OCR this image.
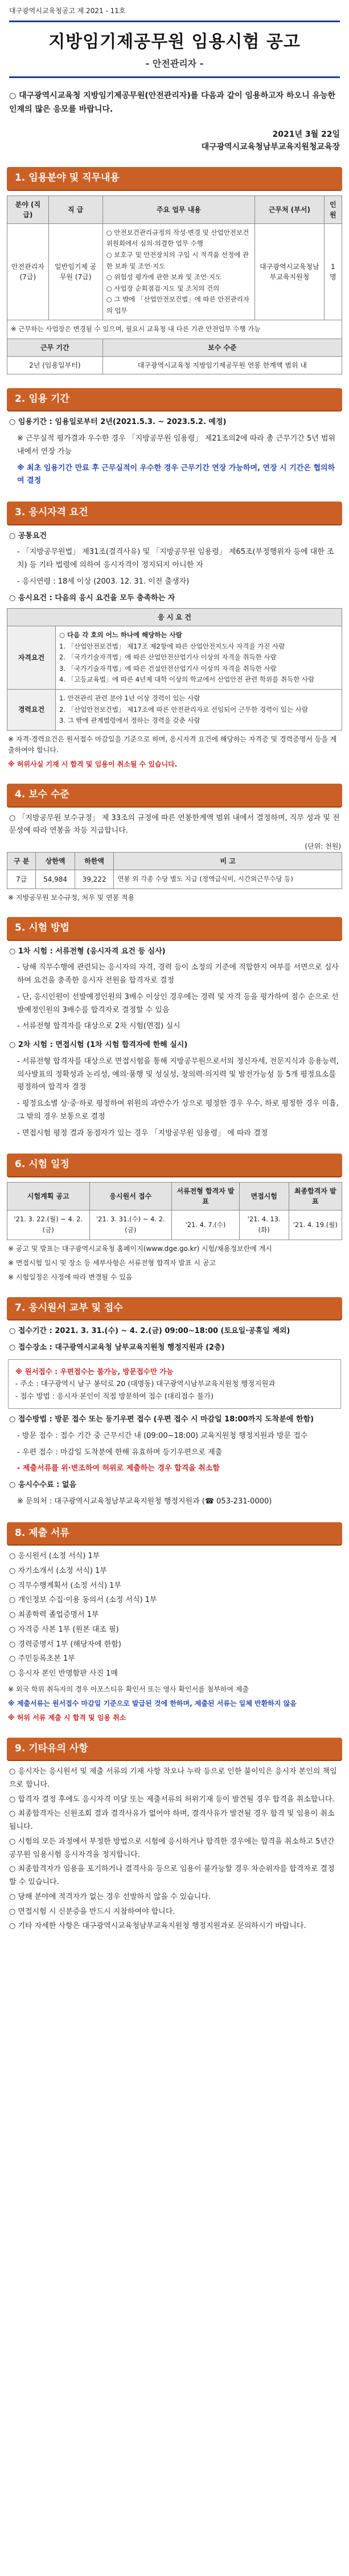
대구광역시교육청공고 제 2021 - 11호
지방임기제공무원 임용시험 공고
- 안전관리자 -
○ 대구광역시교육청 지방임기제공무원(안전관리자)를 다음과 같이 임용하고자 하오니 유능한 인재의 많은 응모를 바랍니다.
2021년 3월 22일
대구광역시교육청남부교육지원청교육장
1. 임용분야 및 직무내용
분야 (직급)	직 급	주요 업무 내용	근무처 (부서)	인원
안전관리자 (7급)	일반임기제 공무원 (7급)	○ 안전보건관리규정의 작성·변경 및 산업안전보건위원회에서 심의·의결한 업무 수행
○ 보호구 및 안전장치의 구입 시 적격품 선정에 관한 보좌 및 조언·지도
○ 위험성 평가에 관한 보좌 및 조언·지도
○ 사업장 순회점검·지도 및 조치의 건의
○ 그 밖에 「산업안전보건법」에 따른 안전관리자의 업무	대구광역시교육청남부교육지원청	1명
※ 근무하는 사업장은 변경될 수 있으며, 필요시 교육청 내 다른 기관 안전업무 수행 가능				
근무 기간		보수 수준		
2년 (임용일부터)		대구광역시교육청 지방임기제공무원 연봉 한계액 범위 내		
2. 임용 기간
○ 임용기간 : 임용일로부터 2년(2021.5.3. ~ 2023.5.2. 예정)
※ 근무실적 평가결과 우수한 경우 「지방공무원 임용령」 제21조의2에 따라 총 근무기간 5년 범위 내에서 연장 가능
※ 최초 임용기간 만료 후 근무실적이 우수한 경우 근무기간 연장 가능하며, 연장 시 기간은 협의하여 결정
3. 응시자격 요건
○ 공통요건
- 「지방공무원법」 제31조(결격사유) 및 「지방공무원 임용령」 제65조(부정행위자 등에 대한 조치) 등 기타 법령에 의하여 응시자격이 정지되지 아니한 자
- 응시연령 : 18세 이상 (2003. 12. 31. 이전 출생자)
○ 응시요건 : 다음의 응시 요건을 모두 충족하는 자
응 시 요 건	
자격요건	○ 다음 각 호의 어느 하나에 해당하는 사람
1. 「산업안전보건법」 제17조 제2항에 따른 산업안전지도사 자격을 가진 사람
2. 「국가기술자격법」에 따른 산업안전산업기사 이상의 자격을 취득한 사람
3. 「국가기술자격법」에 따른 건설안전산업기사 이상의 자격을 취득한 사람
4. 「고등교육법」에 따른 4년제 대학 이상의 학교에서 산업안전 관련 학위를 취득한 사람

경력요건	1. 안전관리 관련 분야 1년 이상 경력이 있는 사람
2. 「산업안전보건법」 제17조에 따른 안전관리자로 선임되어 근무한 경력이 있는 사람
3. 그 밖에 관계법령에서 정하는 경력을 갖춘 사람
※ 자격·경력요건은 원서접수 마감일을 기준으로 하며, 응시자격 요건에 해당하는 자격증 및 경력증명서 등을 제출하여야 합니다.
※ 허위사실 기재 시 합격 및 임용이 취소될 수 있습니다.
4. 보수 수준
○ 「지방공무원 보수규정」 제 33조의 규정에 따른 연봉한계액 범위 내에서 결정하며, 직무 성과 및 전문성에 따라 연봉을 차등 지급합니다.
(단위: 천원)
구 분	상한액	하한액	비 고
7급	54,984	39,222	연봉 외 각종 수당 별도 지급 (정액급식비, 시간외근무수당 등)
※ 지방공무원 보수규정, 처우 및 연봉 적용
5. 시험 방법
○ 1차 시험 : 서류전형 (응시자격 요건 등 심사)
- 당해 직무수행에 관련되는 응시자의 자격, 경력 등이 소정의 기준에 적합한지 여부를 서면으로 심사하여 요건을 충족한 응시자 전원을 합격자로 결정
- 단, 응시인원이 선발예정인원의 3배수 이상인 경우에는 경력 및 자격 등을 평가하여 점수 순으로 선발예정인원의 3배수를 합격자로 결정할 수 있음
- 서류전형 합격자를 대상으로 2차 시험(면접) 실시
○ 2차 시험 : 면접시험 (1차 시험 합격자에 한해 실시)
- 서류전형 합격자를 대상으로 면접시험을 통해 지방공무원으로서의 정신자세, 전문지식과 응용능력, 의사발표의 정확성과 논리성, 예의·품행 및 성실성, 창의력·의지력 및 발전가능성 등 5개 평정요소를 평정하여 합격자 결정
- 평정요소별 상·중·하로 평정하여 위원의 과반수가 상으로 평정한 경우 우수, 하로 평정한 경우 미흡, 그 밖의 경우 보통으로 결정
- 면접시험 평정 결과 동점자가 있는 경우 「지방공무원 임용령」 에 따라 결정
6. 시험 일정
시험계획 공고	응시원서 접수	서류전형 합격자 발표	면접시험	최종합격자 발표
'21. 3. 22.(월) ~ 4. 2.(금)	'21. 3. 31.(수) ~ 4. 2.(금)	'21. 4. 7.(수)	'21. 4. 13.(화)	'21. 4. 19.(월)
※ 공고 및 발표는 대구광역시교육청 홈페이지(www.dge.go.kr) 시험/채용정보란에 게시
※ 면접시험 일시 및 장소 등 세부사항은 서류전형 합격자 발표 시 공고
※ 시험일정은 사정에 따라 변경될 수 있음
7. 응시원서 교부 및 접수
○ 접수기간 : 2021. 3. 31.(수) ~ 4. 2.(금) 09:00~18:00 (토요일·공휴일 제외)
○ 접수장소 : 대구광역시교육청 남부교육지원청 행정지원과 (2층)
※ 원서접수 : 우편접수는 불가능, 방문접수만 가능
- 주소 : 대구광역시 남구 봉덕로 20 (대명동) 대구광역시남부교육지원청 행정지원과
- 접수 방법 : 응시자 본인이 직접 방문하여 접수 (대리접수 불가)
○ 접수방법 : 방문 접수 또는 등기우편 접수 (우편 접수 시 마감일 18:00까지 도착분에 한함)
- 방문 접수 : 접수 기간 중 근무시간 내 (09:00~18:00) 교육지원청 행정지원과 방문 접수
- 우편 접수 : 마감일 도착분에 한해 유효하며 등기우편으로 제출
- 제출서류를 위·변조하여 허위로 제출하는 경우 합격을 취소함
○ 응시수수료 : 없음
※ 문의처 : 대구광역시교육청남부교육지원청 행정지원과 (☎ 053-231-0000)
8. 제출 서류
○ 응시원서 (소정 서식) 1부
○ 자기소개서 (소정 서식) 1부
○ 직무수행계획서 (소정 서식) 1부
○ 개인정보 수집·이용 동의서 (소정 서식) 1부
○ 최종학력 졸업증명서 1부
○ 자격증 사본 1부 (원본 대조 필)
○ 경력증명서 1부 (해당자에 한함)
○ 주민등록초본 1부
○ 응시자 본인 반명함판 사진 1매
※ 외국 학위 취득자의 경우 아포스티유 확인서 또는 영사 확인서를 첨부하여 제출
※ 제출서류는 원서접수 마감일 기준으로 발급된 것에 한하며, 제출된 서류는 일체 반환하지 않음
※ 허위 서류 제출 시 합격 및 임용 취소
9. 기타유의 사항
○ 응시자는 응시원서 및 제출 서류의 기재 사항 착오나 누락 등으로 인한 불이익은 응시자 본인의 책임으로 합니다.
○ 합격자 결정 후에도 응시자격 미달 또는 제출서류의 허위기재 등이 발견될 경우 합격을 취소합니다.
○ 최종합격자는 신원조회 결과 결격사유가 없어야 하며, 결격사유가 발견될 경우 합격 및 임용이 취소됩니다.
○ 시험의 모든 과정에서 부정한 방법으로 시험에 응시하거나 합격한 경우에는 합격을 취소하고 5년간 공무원 임용시험 응시자격을 정지합니다.
○ 최종합격자가 임용을 포기하거나 결격사유 등으로 임용이 불가능할 경우 차순위자를 합격자로 결정할 수 있습니다.
○ 당해 분야에 적격자가 없는 경우 선발하지 않을 수 있습니다.
○ 면접시험 시 신분증을 반드시 지참하여야 합니다.
○ 기타 자세한 사항은 대구광역시교육청남부교육지원청 행정지원과로 문의하시기 바랍니다.
